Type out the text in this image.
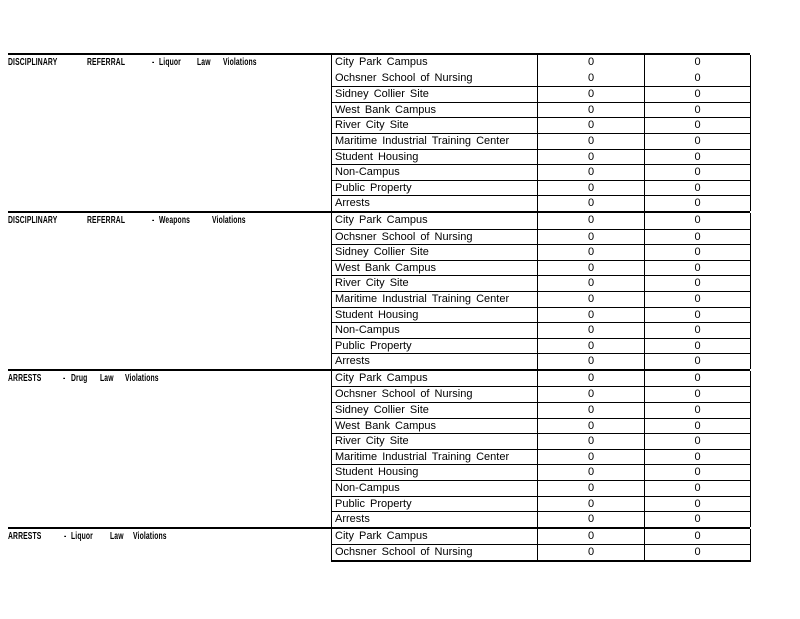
DISCIPLINARY	REFERRAL	- Liquor Law Violations	City Park Campus	0	0
Ochsner School of Nursing	0	0
Sidney Collier Site	0	0
West Bank Campus	0	0
River City Site	0	0
Maritime Industrial Training Center	0	0
Student Housing	0	0
Non-Campus	0	0
Public Property	0	0
Arrests	0	0
DISCIPLINARY	REFERRAL	- Weapons Violations	City Park Campus	0	0
Ochsner School of Nursing	0	0
Sidney Collier Site	0	0
West Bank Campus	0	0
River City Site	0	0
Maritime Industrial Training Center	0	0
Student Housing	0	0
Non-Campus	0	0
Public Property	0	0
Arrests	0	0
ARRESTS - Drug Law Violations	City Park Campus	0	0
Ochsner School of Nursing	0	0
Sidney Collier Site	0	0
West Bank Campus	0	0
River City Site	0	0
Maritime Industrial Training Center	0	0
Student Housing	0	0
Non-Campus	0	0
Public Property	0	0
Arrests	0	0
ARRESTS - Liquor Law Violations	City Park Campus	0	0
Ochsner School of Nursing	0	0
